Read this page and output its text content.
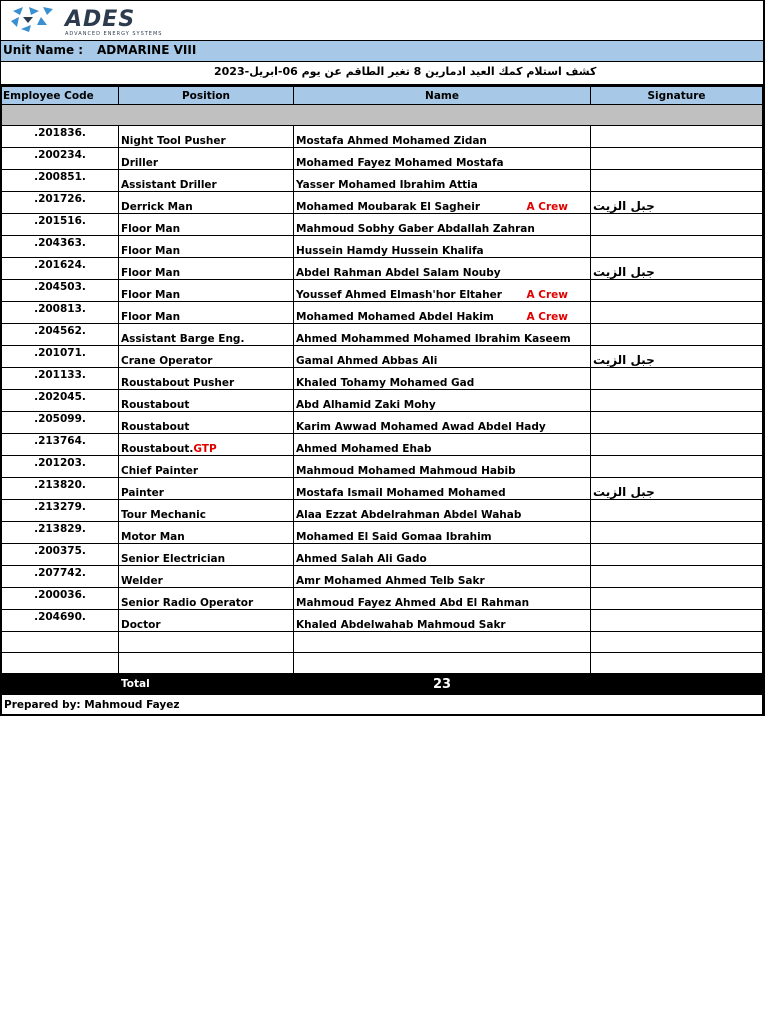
ADES
ADVANCED ENERGY SYSTEMS
Unit Name : ADMARINE VIII
كشف استلام كمك العيد ادمارين 8 تغير الطاقم عن يوم 06-ابريل-2023
Employee Code	Position	Name	Signature

.201836.	Night Tool Pusher	Mostafa Ahmed Mohamed Zidan	
.200234.	Driller	Mohamed Fayez Mohamed Mostafa	
.200851.	Assistant Driller	Yasser Mohamed Ibrahim Attia	
.201726.	Derrick Man	Mohamed Moubarak El Sagheir A Crew	جبل الزيت

.201516.	Floor Man	Mahmoud Sobhy Gaber Abdallah Zahran	
.204363.	Floor Man	Hussein Hamdy Hussein Khalifa	
.201624.	Floor Man	Abdel Rahman Abdel Salam Nouby	جبل الزيت

.204503.	Floor Man	Youssef Ahmed Elmash'hor Eltaher A Crew	

.200813.	Floor Man	Mohamed Mohamed Abdel Hakim A Crew	

.204562.	Assistant Barge Eng.	Ahmed Mohammed Mohamed Ibrahim Kaseem	
.201071.	Crane Operator	Gamal Ahmed Abbas Ali	جبل الزيت

.201133.	Roustabout Pusher	Khaled Tohamy Mohamed Gad	
.202045.	Roustabout	Abd Alhamid Zaki Mohy	
.205099.	Roustabout	Karim Awwad Mohamed Awad Abdel Hady	
.213764.	Roustabout.GTP	Ahmed Mohamed Ehab	
.201203.	Chief Painter	Mahmoud Mohamed Mahmoud Habib	
.213820.	Painter	Mostafa Ismail Mohamed Mohamed	جبل الزيت

.213279.	Tour Mechanic	Alaa Ezzat Abdelrahman Abdel Wahab	
.213829.	Motor Man	Mohamed El Said Gomaa Ibrahim	
.200375.	Senior Electrician	Ahmed Salah Ali Gado	
.207742.	Welder	Amr Mohamed Ahmed Telb Sakr	
.200036.	Senior Radio Operator	Mahmoud Fayez Ahmed Abd El Rahman	
.204690.	Doctor	Khaled Abdelwahab Mahmoud Sakr	

	Total	23	
Prepared by: Mahmoud Fayez			
